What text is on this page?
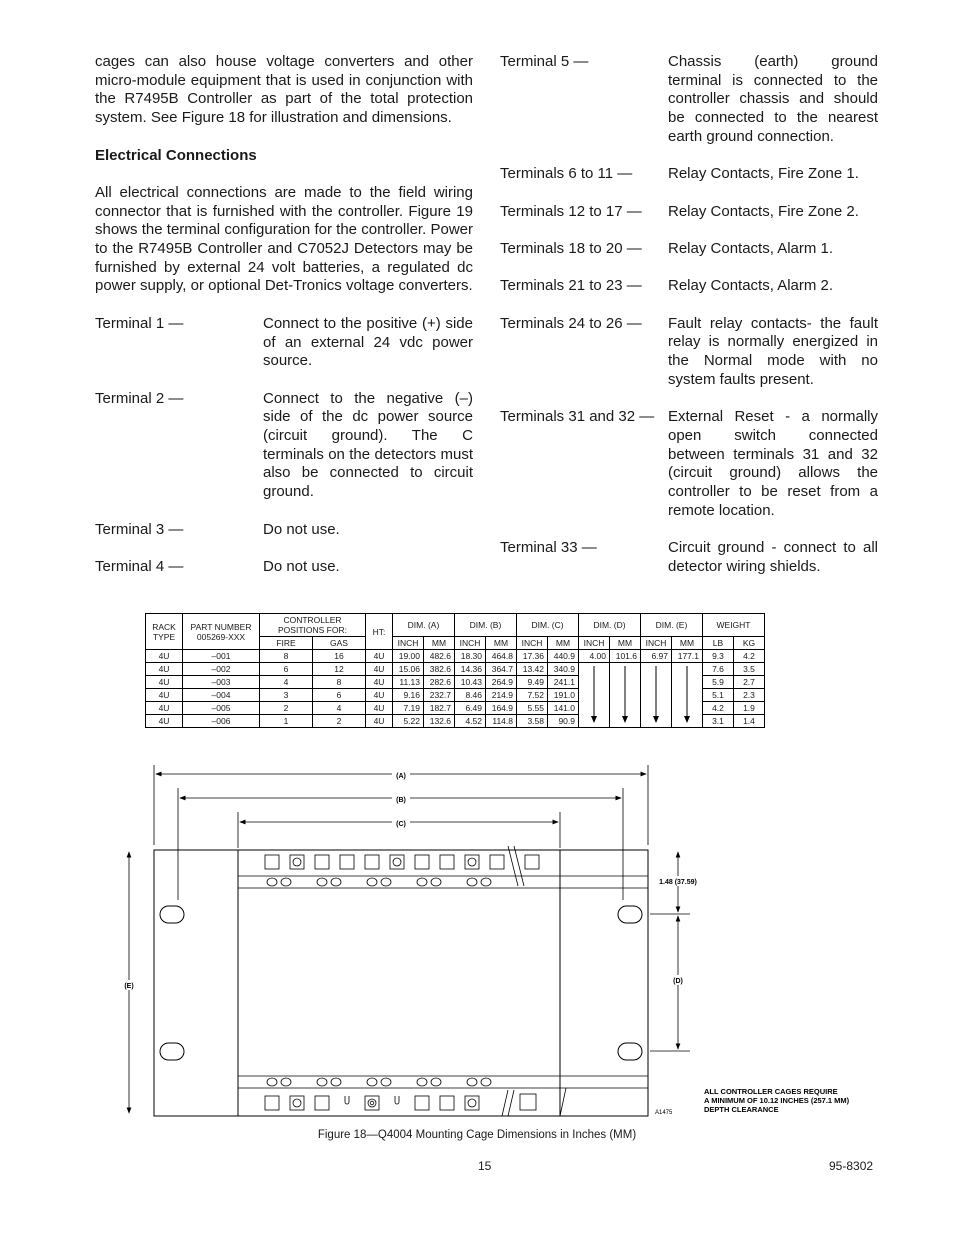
cages can also house voltage converters and other micro-module equipment that is used in conjunction with the R7495B Controller as part of the total protection system. See Figure 18 for illustration and dimensions.

Electrical Connections

All electrical connections are made to the field wiring connector that is furnished with the controller. Figure 19 shows the terminal configuration for the controller. Power to the R7495B Controller and C7052J Detectors may be furnished by external 24 volt batteries, a regulated dc power supply, or optional Det-Tronics voltage converters.

Terminal 1 —	Connect to the positive (+) side of an external 24 vdc power source.
Terminal 2 —	Connect to the negative (–) side of the dc power source (circuit ground). The C terminals on the detectors must also be connected to circuit ground.
Terminal 3 —	Do not use.
Terminal 4 —	Do not use.
Terminal 5 —	Chassis (earth) ground terminal is connected to the controller chassis and should be connected to the nearest earth ground connection.
Terminals 6 to 11 —	Relay Contacts, Fire Zone 1.
Terminals 12 to 17 —	Relay Contacts, Fire Zone 2.
Terminals 18 to 20 —	Relay Contacts, Alarm 1.
Terminals 21 to 23 —	Relay Contacts, Alarm 2.
Terminals 24 to 26 —	Fault relay contacts- the fault relay is normally energized in the Normal mode with no system faults present.
Terminals 31 and 32 — External Reset - a normally open switch connected between terminals 31 and 32 (circuit ground) allows the controller to be reset from a remote location.
Terminal 33 —	Circuit ground - connect to all detector wiring shields.
RACK TYPE	PART NUMBER 005269-XXX	CONTROLLER POSITIONS FOR:		HT:	DIM. (A)		DIM. (B)		DIM. (C)		DIM. (D)		DIM. (E)		WEIGHT	
		FIRE	GAS		INCH	MM	INCH	MM	INCH	MM	INCH	MM	INCH	MM	LB	KG
4U	–001	8	16	4U	19.00	482.6	18.30	464.8	17.36	440.9	4.00	101.6	6.97	177.1	9.3	4.2
4U	–002	6	12	4U	15.06	382.6	14.36	364.7	13.42	340.9					7.6	3.5
4U	–003	4	8	4U	11.13	282.6	10.43	264.9	9.49	241.1					5.9	2.7
4U	–004	3	6	4U	9.16	232.7	8.46	214.9	7.52	191.0					5.1	2.3
4U	–005	2	4	4U	7.19	182.7	6.49	164.9	5.55	141.0					4.2	1.9
4U	–006	1	2	4U	5.22	132.6	4.52	114.8	3.58	90.9					3.1	1.4
(A)
(B)
(C)
(E)
1.48 (37.59)
(D)
ALL CONTROLLER CAGES REQUIRE
A MINIMUM OF 10.12 INCHES (257.1 MM)
DEPTH CLEARANCE
A1475
Figure 18—Q4004 Mounting Cage Dimensions in Inches (MM)
15	95-8302
